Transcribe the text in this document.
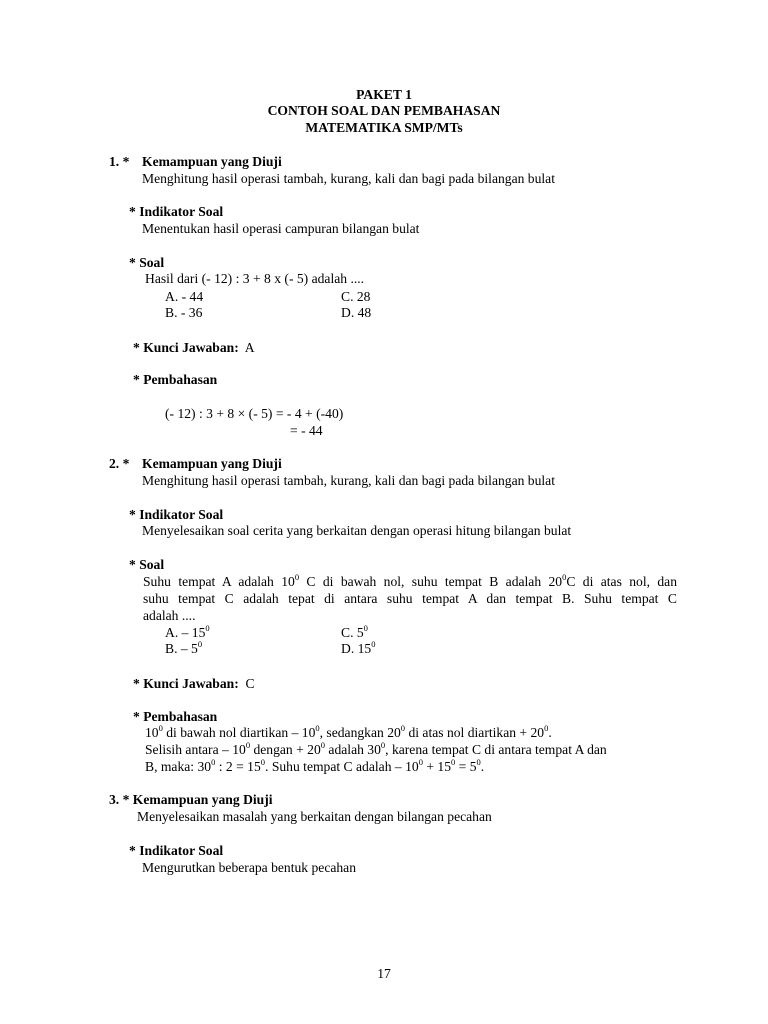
PAKET 1
CONTOH SOAL DAN PEMBAHASAN
MATEMATIKA SMP/MTs
1. * Kemampuan yang Diuji
Menghitung hasil operasi tambah, kurang, kali dan bagi pada bilangan bulat
* Indikator Soal
Menentukan hasil operasi campuran bilangan bulat
* Soal
Hasil dari (- 12) : 3 + 8 x (- 5) adalah ....
A. - 44	C. 28
B. - 36	D. 48
* Kunci Jawaban: A
* Pembahasan
(- 12) : 3 + 8 × (- 5) = - 4 + (-40)
= - 44
2. * Kemampuan yang Diuji
Menghitung hasil operasi tambah, kurang, kali dan bagi pada bilangan bulat
* Indikator Soal
Menyelesaikan soal cerita yang berkaitan dengan operasi hitung bilangan bulat
* Soal
Suhu tempat A adalah $10^0$ C di bawah nol, suhu tempat B adalah $20^0C$ di atas nol, dan
suhu tempat C adalah tepat di antara suhu tempat A dan tempat B. Suhu tempat C
adalah ....
A. – $15^0$	C. $5^0$
B. – $5^0$	D. $15^0$
* Kunci Jawaban: C
* Pembahasan
$10^0$ di bawah nol diartikan – $10^0$, sedangkan $20^0$ di atas nol diartikan + $20^0$.
Selisih antara – $10^0$ dengan + $20^0$ adalah $30^0$, karena tempat C di antara tempat A dan
B, maka: $30^0$ : $2 = 15^0$. Suhu tempat C adalah – $10^0 + 15^0 = 5^0$.
3. * Kemampuan yang Diuji
Menyelesaikan masalah yang berkaitan dengan bilangan pecahan
* Indikator Soal
Mengurutkan beberapa bentuk pecahan
17
